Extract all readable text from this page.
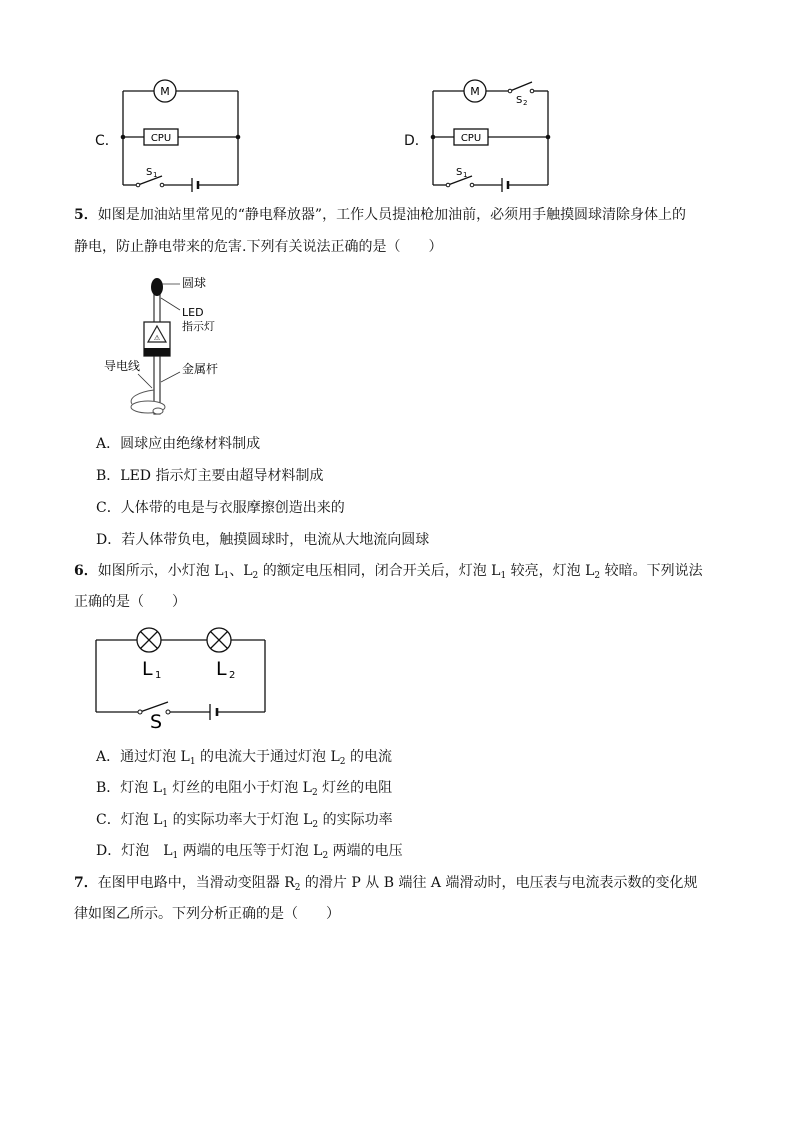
C．
M
CPU
S 1
D．
M
CPU
S 2
S 1
5．如图是加油站里常见的“静电释放器”，工作人员提油枪加油前，必须用手触摸圆球清除身体上的
静电，防止静电带来的危害.下列有关说法正确的是（　　）
⚠
圆球
LED
指示灯
导电线	金属杆
A．圆球应由绝缘材料制成
B．LED 指示灯主要由超导材料制成
C．人体带的电是与衣服摩擦创造出来的
D．若人体带负电，触摸圆球时，电流从大地流向圆球
6．如图所示，小灯泡 $L_1$、$L_2$ 的额定电压相同，闭合开关后，灯泡 $L_1$ 较亮，灯泡 $L_2$ 较暗。下列说法
正确的是（　　）
L 1	L 2
S
A．通过灯泡 $L_1$ 的电流大于通过灯泡 $L_2$ 的电流
B．灯泡 $L_1$ 灯丝的电阻小于灯泡 $L_2$ 灯丝的电阻
C．灯泡 $L_1$ 的实际功率大于灯泡 $L_2$ 的实际功率
D．灯泡　$L_1$ 两端的电压等于灯泡 $L_2$ 两端的电压
7．在图甲电路中，当滑动变阻器 $R_2$ 的滑片 P 从 B 端往 A 端滑动时，电压表与电流表示数的变化规
律如图乙所示。下列分析正确的是（　　）
